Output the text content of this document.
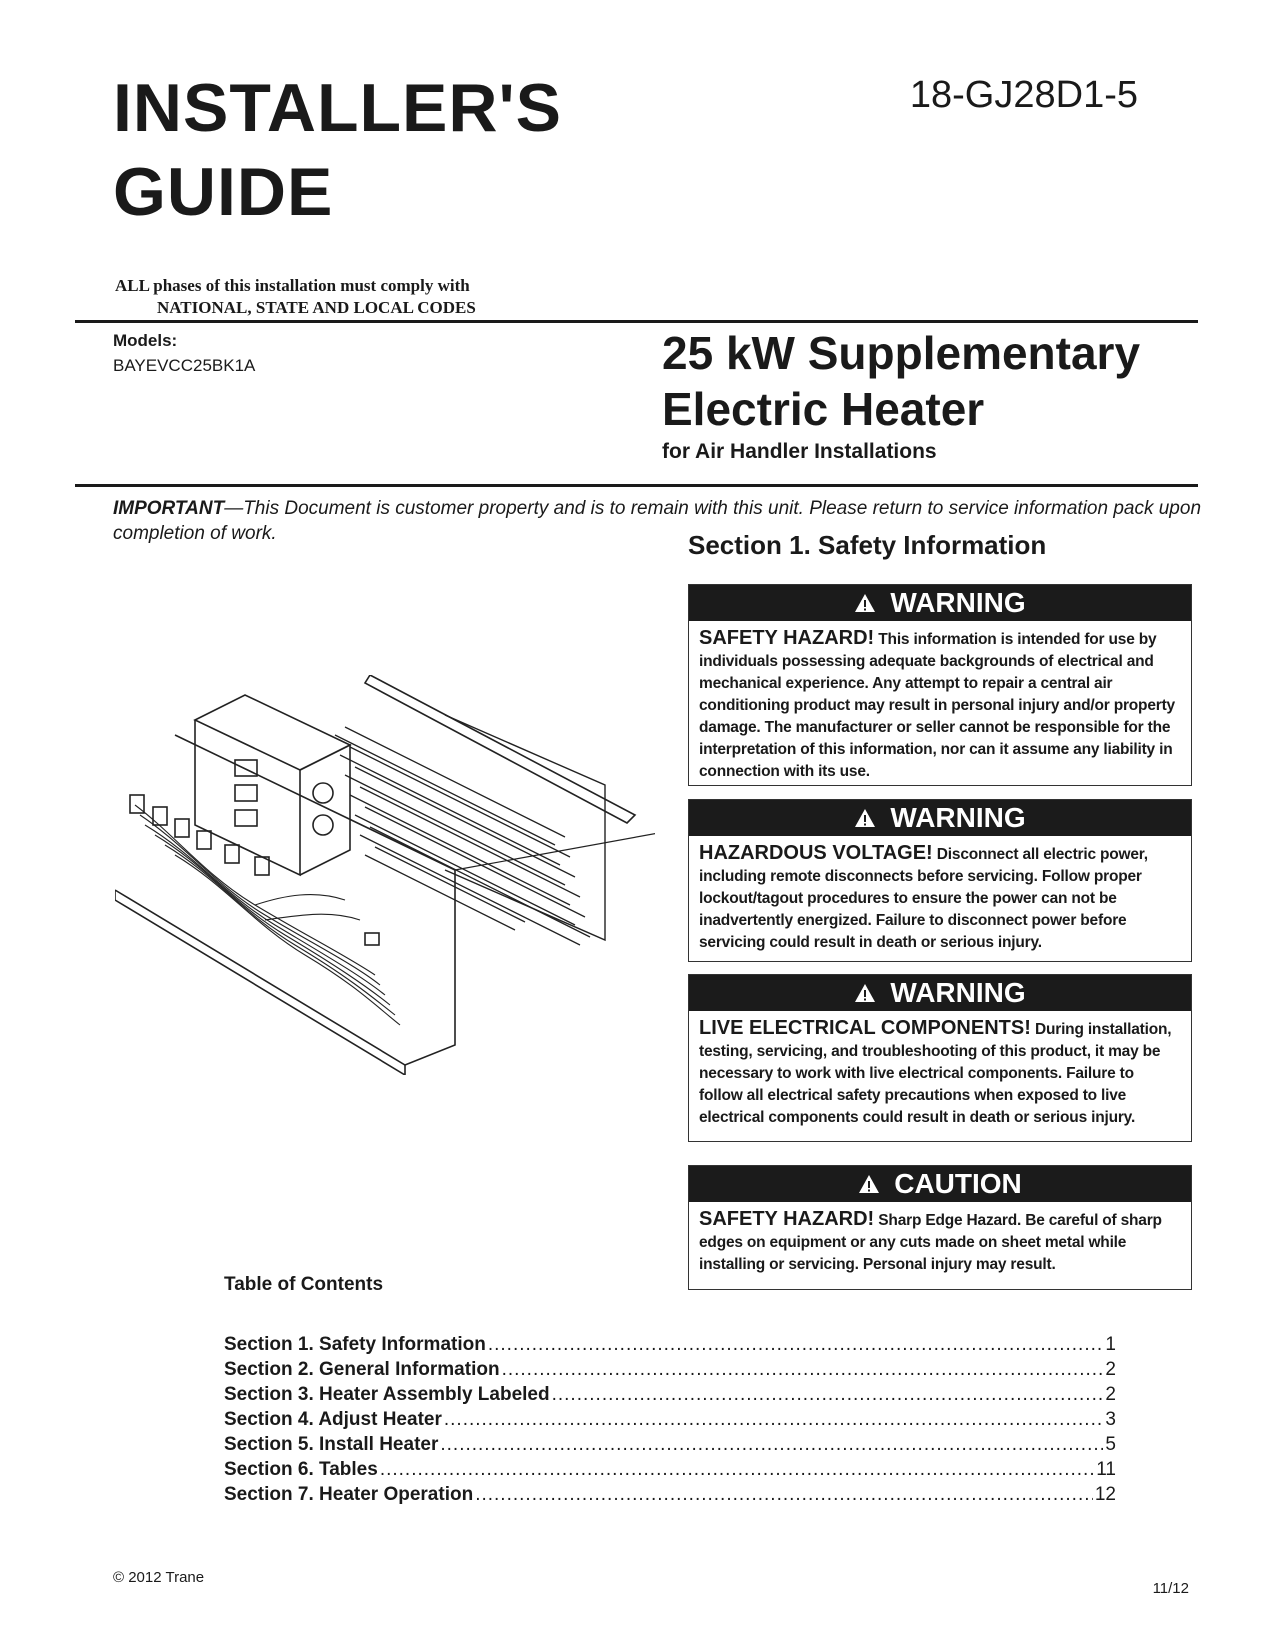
INSTALLER'S
GUIDE
18-GJ28D1-5
ALL phases of this installation must comply with
NATIONAL, STATE AND LOCAL CODES
Models:
BAYEVCC25BK1A	25 kW Supplementary
Electric Heater
for Air Handler Installations
IMPORTANT—This Document is customer property and is to remain with this unit. Please return to service information pack upon completion of work.	Section 1. Safety Information
WARNING
SAFETY HAZARD! This information is intended for use by individuals possessing adequate backgrounds of electrical and mechanical experience. Any attempt to repair a central air conditioning product may result in personal injury and/or property damage. The manufacturer or seller cannot be responsible for the interpretation of this information, nor can it assume any liability in connection with its use.
WARNING
HAZARDOUS VOLTAGE! Disconnect all electric power, including remote disconnects before servicing. Follow proper lockout/tagout procedures to ensure the power can not be inadvertently energized. Failure to disconnect power before servicing could result in death or serious injury.
WARNING
LIVE ELECTRICAL COMPONENTS! During installation, testing, servicing, and troubleshooting of this product, it may be necessary to work with live electrical components. Failure to follow all electrical safety precautions when exposed to live electrical components could result in death or serious injury.
CAUTION
SAFETY HAZARD! Sharp Edge Hazard. Be careful of sharp edges on equipment or any cuts made on sheet metal while installing or servicing. Personal injury may result.
Table of Contents
Section 1. Safety Information .....	1
Section 2. General Information .....	2
Section 3. Heater Assembly Labeled .....	2
Section 4. Adjust Heater .....	3
Section 5. Install Heater .....	5
Section 6. Tables .....	11
Section 7. Heater Operation .....	12
© 2012 Trane
11/12
